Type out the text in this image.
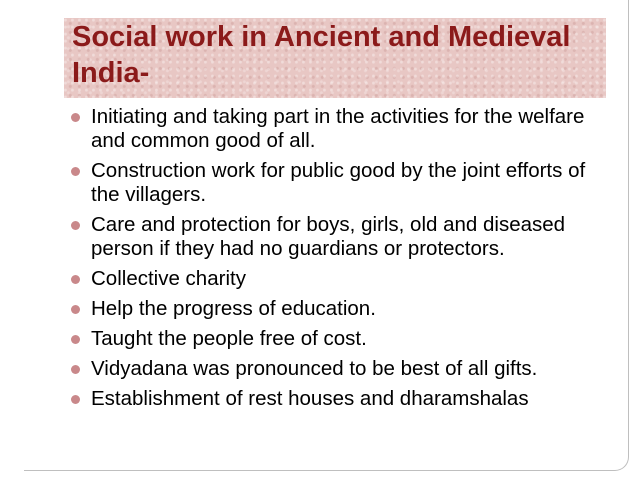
Social work in Ancient and Medieval India-
Initiating and taking part in the activities for the welfare and common good of all.
Construction work for public good by the joint efforts of the villagers.
Care and protection for boys, girls, old and diseased person if they had no guardians or protectors.
Collective charity
Help the progress of education.
Taught the people free of cost.
Vidyadana was pronounced to be best of all gifts.
Establishment of rest houses and dharamshalas
